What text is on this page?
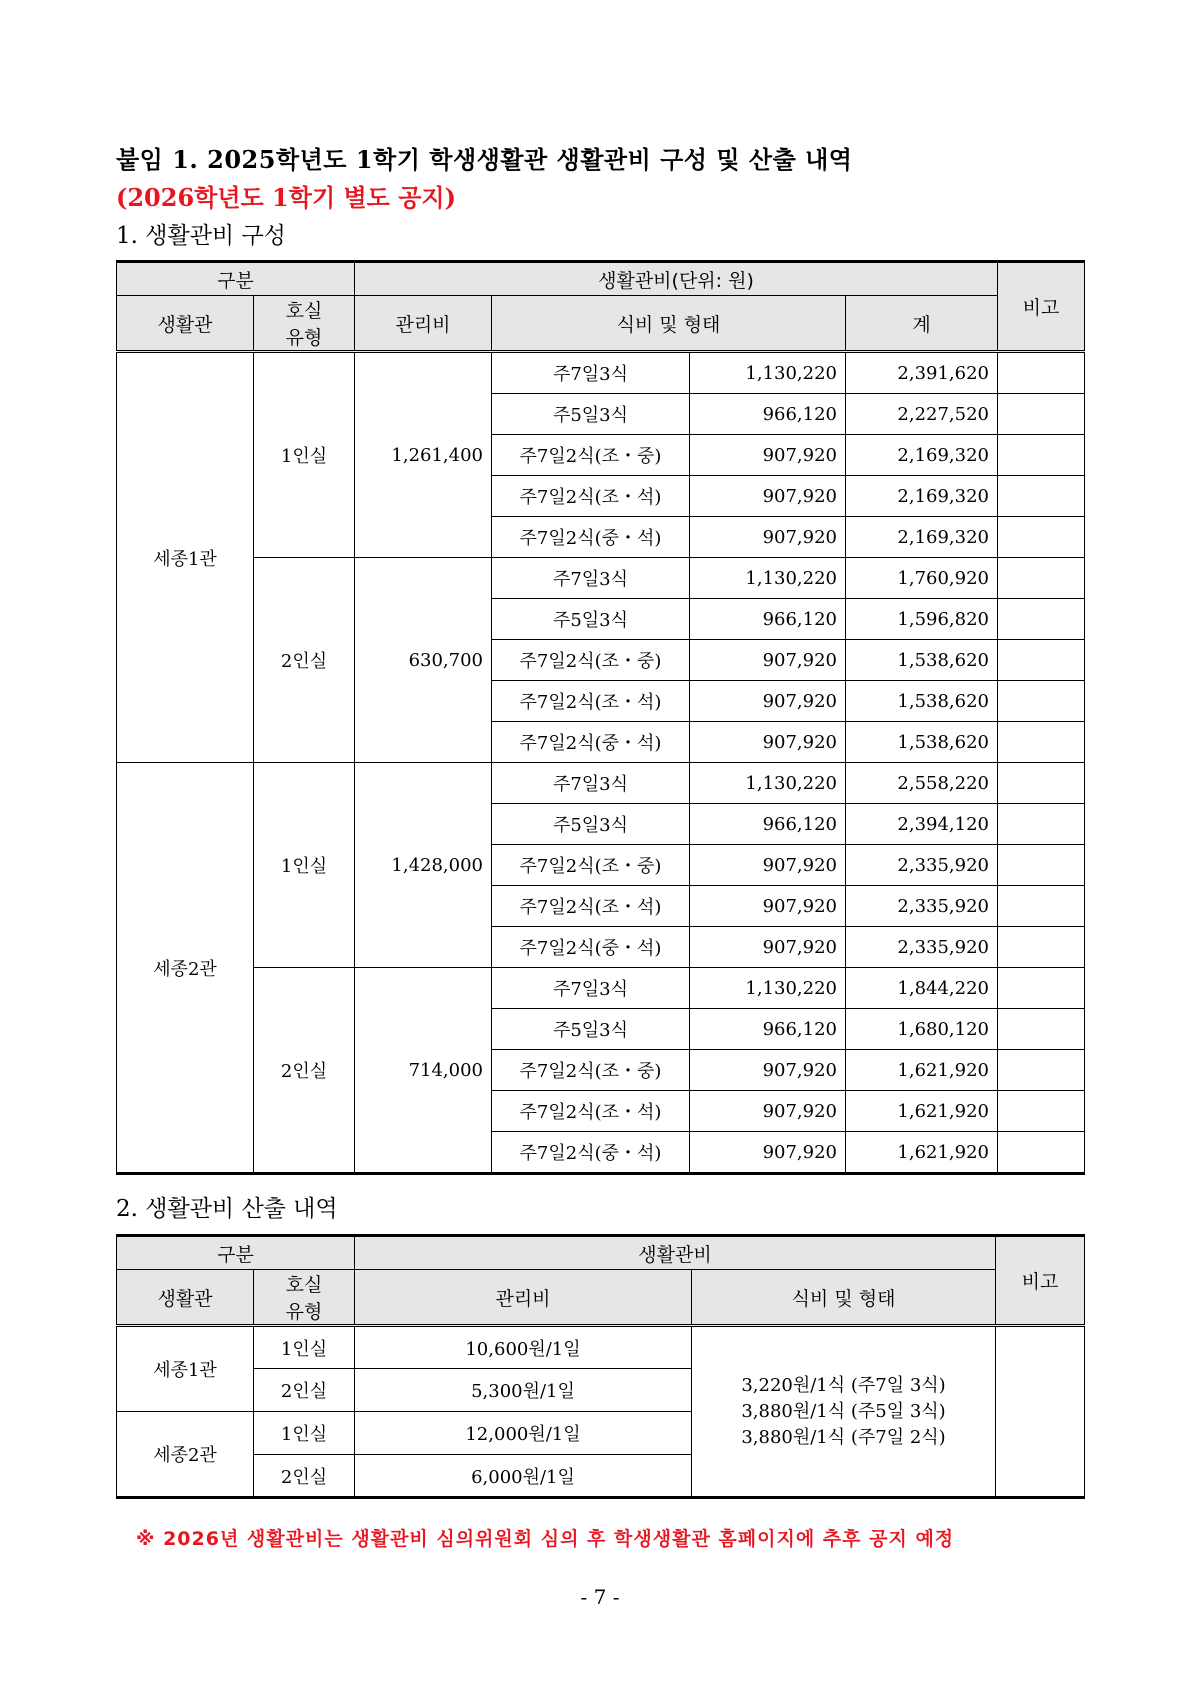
붙임 1. 2025학년도 1학기 학생생활관 생활관비 구성 및 산출 내역
(2026학년도 1학기 별도 공지)
1. 생활관비 구성
구분		생활관비(단위: 원)				비고
생활관	호실 유형	관리비	식비 및 형태		계	
세종1관	1인실	1,261,400	주7일3식	1,130,220	2,391,620	
			주5일3식	966,120	2,227,520	
			주7일2식(조・중)	907,920	2,169,320	
			주7일2식(조・석)	907,920	2,169,320	
			주7일2식(중・석)	907,920	2,169,320	
	2인실	630,700	주7일3식	1,130,220	1,760,920	
			주5일3식	966,120	1,596,820	
			주7일2식(조・중)	907,920	1,538,620	
			주7일2식(조・석)	907,920	1,538,620	
			주7일2식(중・석)	907,920	1,538,620	
세종2관	1인실	1,428,000	주7일3식	1,130,220	2,558,220	
			주5일3식	966,120	2,394,120	
			주7일2식(조・중)	907,920	2,335,920	
			주7일2식(조・석)	907,920	2,335,920	
			주7일2식(중・석)	907,920	2,335,920	
	2인실	714,000	주7일3식	1,130,220	1,844,220	
			주5일3식	966,120	1,680,120	
			주7일2식(조・중)	907,920	1,621,920	
			주7일2식(조・석)	907,920	1,621,920	
			주7일2식(중・석)	907,920	1,621,920	
2. 생활관비 산출 내역
구분		생활관비		비고
생활관	호실 유형	관리비	식비 및 형태	
세종1관	1인실	10,600원/1일	3,220원/1식 (주7일 3식)
3,880원/1식 (주5일 3식)
3,880원/1식 (주7일 2식)	

	2인실	5,300원/1일		
세종2관	1인실	12,000원/1일		
	2인실	6,000원/1일		
※ 2026년 생활관비는 생활관비 심의위원회 심의 후 학생생활관 홈페이지에 추후 공지 예정
- 7 -
